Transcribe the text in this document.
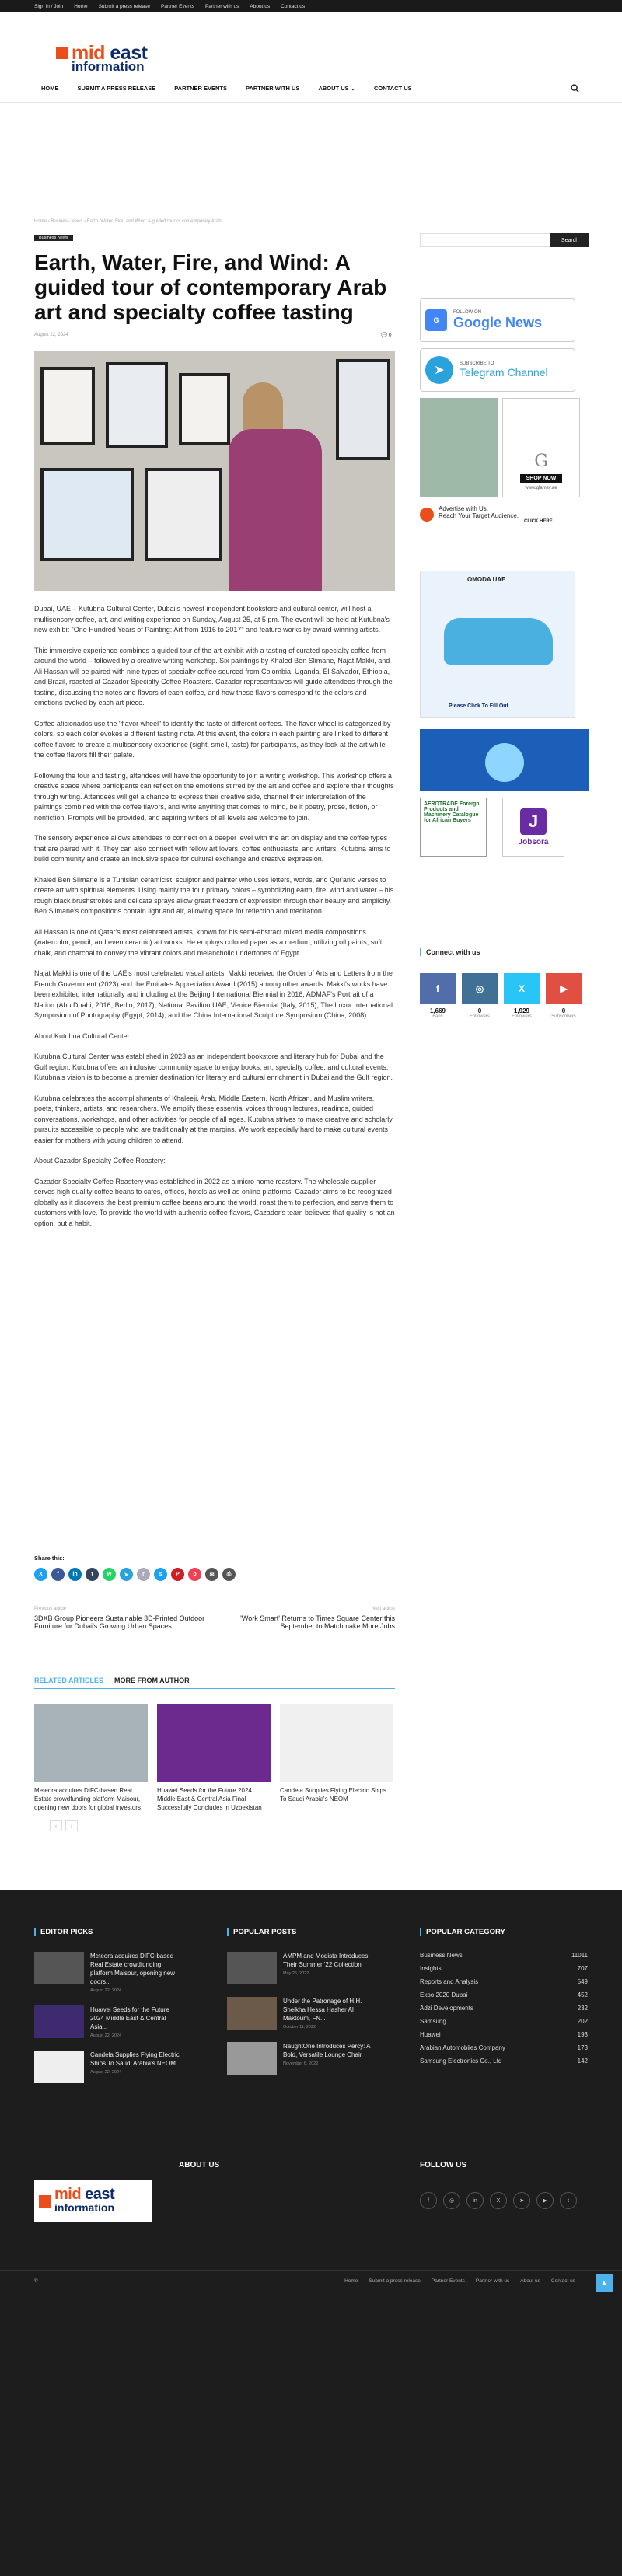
Sign in / Join Home Submit a press release Partner Events Partner with us About us Contact us
mid east
information
HOME	SUBMIT A PRESS RELEASE	PARTNER EVENTS	PARTNER WITH US	ABOUT US ⌄	CONTACT US
Home › Business News › Earth, Water, Fire, and Wind: A guided tour of contemporary Arab...
Business News
Earth, Water, Fire, and Wind: A guided tour of contemporary Arab art and specialty coffee tasting
August 22, 2024	💬 0

Dubai, UAE – Kutubna Cultural Center, Dubai's newest independent bookstore and cultural center, will host a multisensory coffee, art, and writing experience on Sunday, August 25, at 5 pm. The event will be held at Kutubna's new exhibit "One Hundred Years of Painting: Art from 1916 to 2017" and feature works by award-winning artists.

This immersive experience combines a guided tour of the art exhibit with a tasting of curated specialty coffee from around the world – followed by a creative writing workshop. Six paintings by Khaled Ben Slimane, Najat Makki, and Ali Hassan will be paired with nine types of specialty coffee sourced from Colombia, Uganda, El Salvador, Ethiopia, and Brazil, roasted at Cazador Specialty Coffee Roasters. Cazador representatives will guide attendees through the tasting, discussing the notes and flavors of each coffee, and how these flavors correspond to the colors and emotions evoked by each art piece.

Coffee aficionados use the "flavor wheel" to identify the taste of different coffees. The flavor wheel is categorized by colors, so each color evokes a different tasting note. At this event, the colors in each painting are linked to different coffee flavors to create a multisensory experience (sight, smell, taste) for participants, as they look at the art while the coffee flavors fill their palate.

Following the tour and tasting, attendees will have the opportunity to join a writing workshop. This workshop offers a creative space where participants can reflect on the emotions stirred by the art and coffee and explore their thoughts through writing. Attendees will get a chance to express their creative side, channel their interpretation of the paintings combined with the coffee flavors, and write anything that comes to mind, be it poetry, prose, fiction, or nonfiction. Prompts will be provided, and aspiring writers of all levels are welcome to join.

The sensory experience allows attendees to connect on a deeper level with the art on display and the coffee types that are paired with it. They can also connect with fellow art lovers, coffee enthusiasts, and writers. Kutubna aims to build community and create an inclusive space for cultural exchange and creative expression.

Khaled Ben Slimane is a Tunisian ceramicist, sculptor and painter who uses letters, words, and Qur'anic verses to create art with spiritual elements. Using mainly the four primary colors – symbolizing earth, fire, wind and water – his rough black brushstrokes and delicate sprays allow great freedom of expression through their beauty and simplicity. Ben Slimane's compositions contain light and air, allowing space for reflection and meditation.

Ali Hassan is one of Qatar's most celebrated artists, known for his semi-abstract mixed media compositions (watercolor, pencil, and even ceramic) art works. He employs colored paper as a medium, utilizing oil paints, soft chalk, and charcoal to convey the vibrant colors and melancholic undertones of Egypt.

Najat Makki is one of the UAE's most celebrated visual artists. Makki received the Order of Arts and Letters from the French Government (2023) and the Emirates Appreciation Award (2015) among other awards. Makki's works have been exhibited internationally and including at the Beijing International Biennial in 2016, ADMAF's Portrait of a Nation (Abu Dhabi, 2016; Berlin, 2017), National Pavilion UAE, Venice Biennial (Italy, 2015), The Luxor International Symposium of Photography (Egypt, 2014), and the China International Sculpture Symposium (China, 2008).

About Kutubna Cultural Center:

Kutubna Cultural Center was established in 2023 as an independent bookstore and literary hub for Dubai and the Gulf region. Kutubna offers an inclusive community space to enjoy books, art, specialty coffee, and cultural events. Kutubna's vision is to become a premier destination for literary and cultural enrichment in Dubai and the Gulf region.

Kutubna celebrates the accomplishments of Khaleeji, Arab, Middle Eastern, North African, and Muslim writers, poets, thinkers, artists, and researchers. We amplify these essential voices through lectures, readings, guided conversations, workshops, and other activities for people of all ages. Kutubna strives to make creative and scholarly pursuits accessible to people who are traditionally at the margins. We work especially hard to make cultural events easier for mothers with young children to attend.

About Cazador Specialty Coffee Roastery:

Cazador Specialty Coffee Roastery was established in 2022 as a micro home roastery. The wholesale supplier serves high quality coffee beans to cafes, offices, hotels as well as online platforms. Cazador aims to be recognized globally as it discovers the best premium coffee beans around the world, roast them to perfection, and serve them to customers with love. To provide the world with authentic coffee flavors, Cazador's team believes that quality is not an option, but a habit.

Share this:
X	f	in	t	w	➤	r	s	P	p	✉	⎙
Previous article
3DXB Group Pioneers Sustainable 3D-Printed Outdoor Furniture for Dubai's Growing Urban Spaces
Next article
'Work Smart' Returns to Times Square Center this September to Matchmake More Jobs
RELATED ARTICLES MORE FROM AUTHOR
Meteora acquires DIFC-based Real Estate crowdfunding platform Maisour, opening new doors for global investors
Huawei Seeds for the Future 2024 Middle East & Central Asia Final Successfully Concludes in Uzbekistan
Candela Supplies Flying Electric Ships To Saudi Arabia's NEOM
‹	›
Search
G
FOLLOW ON
Google News
➤	SUBSCRIBE TO
Telegram Channel
G
SHOP NOW
www.glamsy.ae
Advertise with Us,
Reach Your Target Audience.
CLICK HERE
OMODA UAE
Please Click To Fill Out
AFROTRADE Foreign Products and Machinery Catalogue for African Buyers	J
Jobsora
Connect with us
f
1,669
Fans
◎
0
Followers
X
1,929
Followers
▶
0
Subscribers
EDITOR PICKS
Meteora acquires DIFC-based Real Estate crowdfunding platform Maisour, opening new doors...
August 22, 2024
Huawei Seeds for the Future 2024 Middle East & Central Asia...
August 22, 2024
Candela Supplies Flying Electric Ships To Saudi Arabia's NEOM
August 22, 2024
POPULAR POSTS
AMPM and Modista Introduces Their Summer '22 Collection
May 25, 2022
Under the Patronage of H.H. Sheikha Hessa Hasher Al Maktoum, FN...
October 11, 2022
NaughtOne Introduces Percy: A Bold, Versatile Lounge Chair
November 6, 2022
POPULAR CATEGORY
Business News	11011
Insights	707
Reports and Analysis	549
Expo 2020 Dubai	452
Adzi Developments	232
Samsung	202
Huawei	193
Arabian Automobiles Company	173
Samsung Electronics Co., Ltd	142
ABOUT US	FOLLOW US
mid east
information
f	◎	in	X	➤	▶	t
©	Home Submit a press release Partner Events Partner with us About us Contact us	▲
